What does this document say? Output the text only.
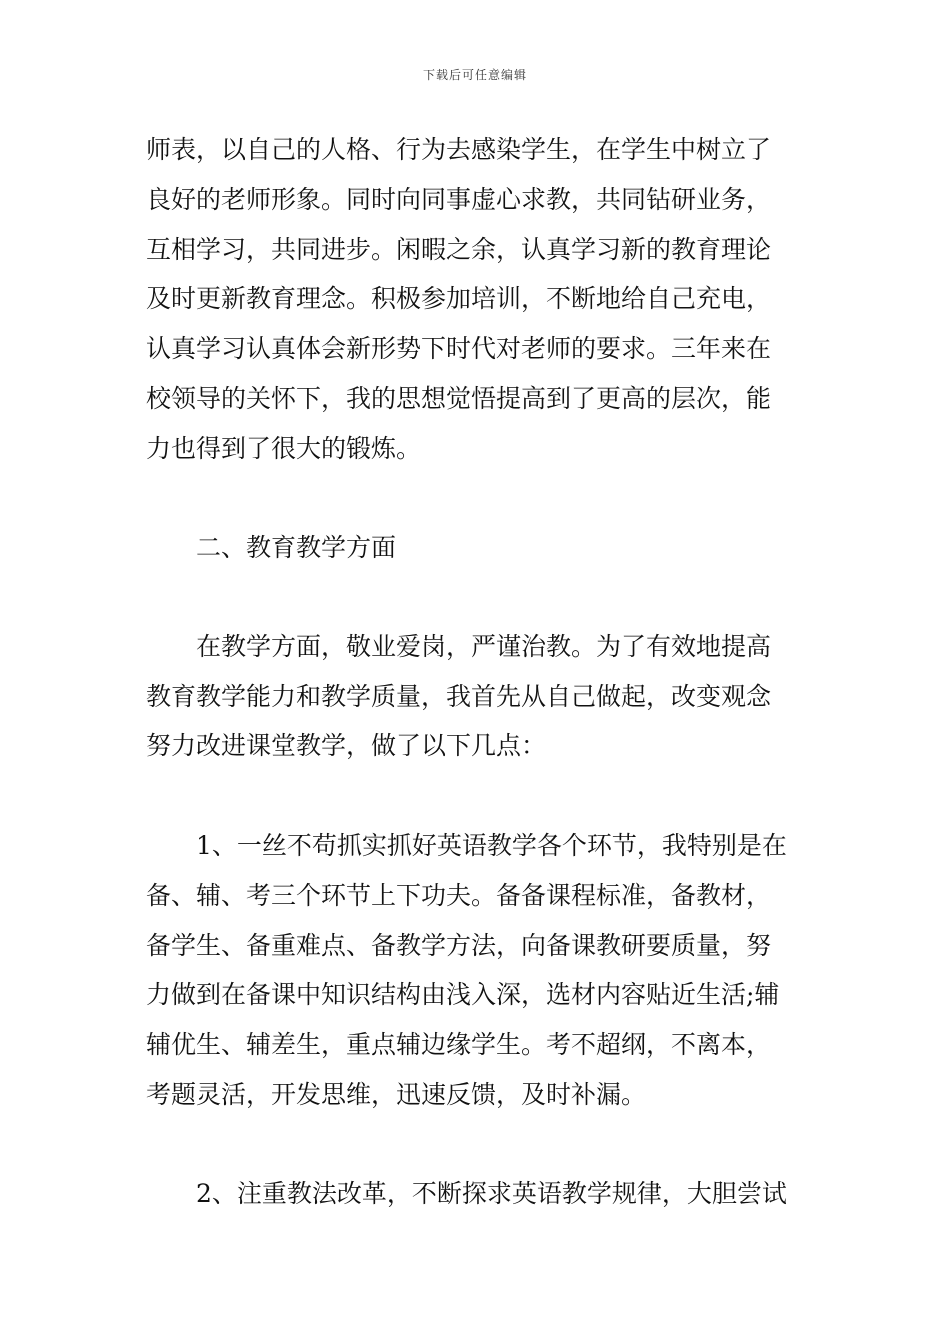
下载后可任意编辑
师表，以自己的人格、行为去感染学生，在学生中树立了
良好的老师形象。同时向同事虚心求教，共同钻研业务，
互相学习，共同进步。闲暇之余，认真学习新的教育理论
及时更新教育理念。积极参加培训，不断地给自己充电，
认真学习认真体会新形势下时代对老师的要求。三年来在
校领导的关怀下，我的思想觉悟提高到了更高的层次，能
力也得到了很大的锻炼。
二、教育教学方面
在教学方面，敬业爱岗，严谨治教。为了有效地提高
教育教学能力和教学质量，我首先从自己做起，改变观念
努力改进课堂教学，做了以下几点：
1、一丝不苟抓实抓好英语教学各个环节，我特别是在
备、辅、考三个环节上下功夫。备备课程标准，备教材，
备学生、备重难点、备教学方法，向备课教研要质量，努
力做到在备课中知识结构由浅入深，选材内容贴近生活;辅
辅优生、辅差生，重点辅边缘学生。考不超纲，不离本，
考题灵活，开发思维，迅速反馈，及时补漏。
2、注重教法改革，不断探求英语教学规律，大胆尝试
